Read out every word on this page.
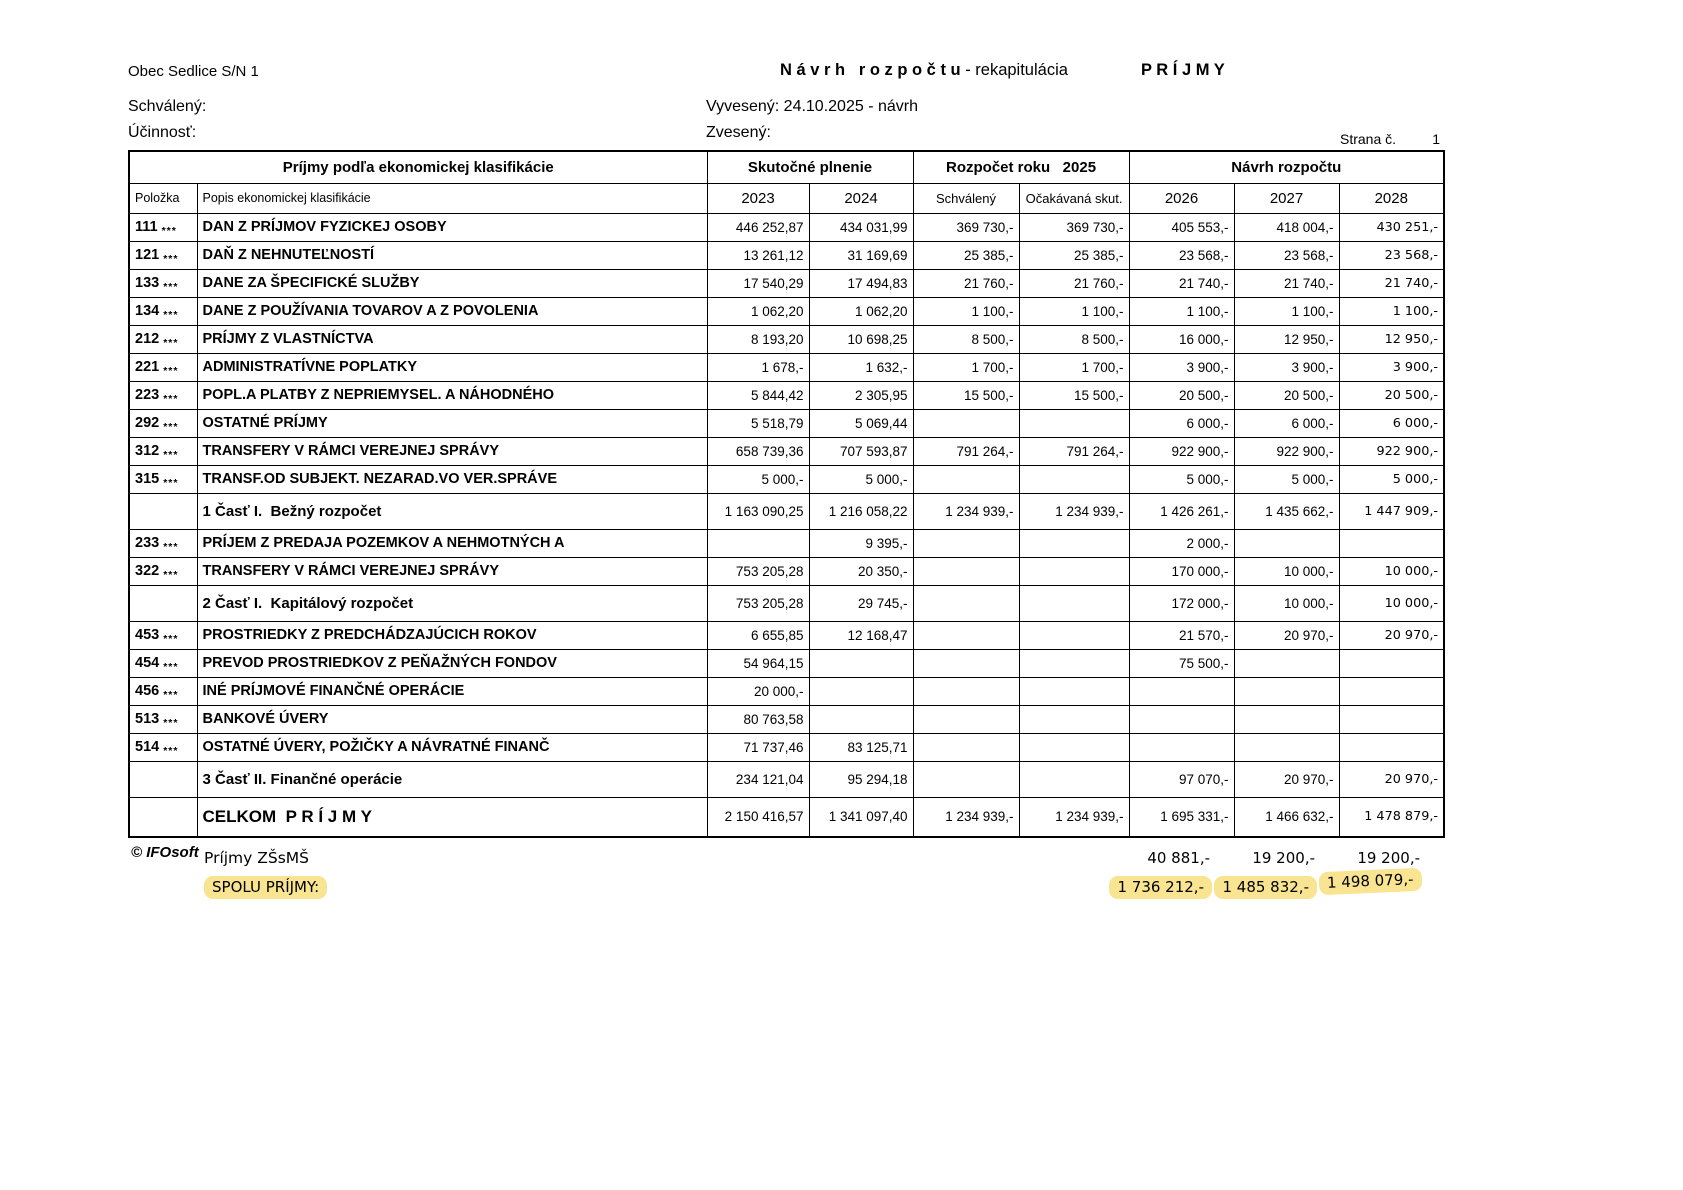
Obec Sedlice S/N 1	N á v r h   r o z p o č t u - rekapitulácia	P R Í J M Y
Schválený:	Vyvesený: 24.10.2025 - návrh
Účinnosť:	Zvesený:	Strana č.	1
Príjmy podľa ekonomickej klasifikácie		Skutočné plnenie		Rozpočet roku   2025		Návrh rozpočtu		
Položka	Popis ekonomickej klasifikácie	2023	2024	Schválený	Očakávaná skut.	2026	2027	2028
111 ***	DAN Z PRÍJMOV FYZICKEJ OSOBY	446 252,87	434 031,99	369 730,-	369 730,-	405 553,-	418 004,-	430 251,-
121 ***	DAŇ Z NEHNUTEĽNOSTÍ	13 261,12	31 169,69	25 385,-	25 385,-	23 568,-	23 568,-	23 568,-
133 ***	DANE ZA ŠPECIFICKÉ SLUŽBY	17 540,29	17 494,83	21 760,-	21 760,-	21 740,-	21 740,-	21 740,-
134 ***	DANE Z POUŽÍVANIA TOVAROV A Z POVOLENIA	1 062,20	1 062,20	1 100,-	1 100,-	1 100,-	1 100,-	1 100,-
212 ***	PRÍJMY Z VLASTNÍCTVA	8 193,20	10 698,25	8 500,-	8 500,-	16 000,-	12 950,-	12 950,-
221 ***	ADMINISTRATÍVNE POPLATKY	1 678,-	1 632,-	1 700,-	1 700,-	3 900,-	3 900,-	3 900,-
223 ***	POPL.A PLATBY Z NEPRIEMYSEL. A NÁHODNÉHO	5 844,42	2 305,95	15 500,-	15 500,-	20 500,-	20 500,-	20 500,-
292 ***	OSTATNÉ PRÍJMY	5 518,79	5 069,44			6 000,-	6 000,-	6 000,-
312 ***	TRANSFERY V RÁMCI VEREJNEJ SPRÁVY	658 739,36	707 593,87	791 264,-	791 264,-	922 900,-	922 900,-	922 900,-
315 ***	TRANSF.OD SUBJEKT. NEZARAD.VO VER.SPRÁVE	5 000,-	5 000,-			5 000,-	5 000,-	5 000,-
	1 Časť I.  Bežný rozpočet	1 163 090,25	1 216 058,22	1 234 939,-	1 234 939,-	1 426 261,-	1 435 662,-	1 447 909,-
233 ***	PRÍJEM Z PREDAJA POZEMKOV A NEHMOTNÝCH A		9 395,-			2 000,-		
322 ***	TRANSFERY V RÁMCI VEREJNEJ SPRÁVY	753 205,28	20 350,-			170 000,-	10 000,-	10 000,-
	2 Časť I.  Kapitálový rozpočet	753 205,28	29 745,-			172 000,-	10 000,-	10 000,-
453 ***	PROSTRIEDKY Z PREDCHÁDZAJÚCICH ROKOV	6 655,85	12 168,47			21 570,-	20 970,-	20 970,-
454 ***	PREVOD PROSTRIEDKOV Z PEŇAŽNÝCH FONDOV	54 964,15				75 500,-		
456 ***	INÉ PRÍJMOVÉ FINANČNÉ OPERÁCIE	20 000,-						
513 ***	BANKOVÉ ÚVERY	80 763,58						
514 ***	OSTATNÉ ÚVERY, POŽIČKY A NÁVRATNÉ FINANČ	71 737,46	83 125,71					
	3 Časť II. Finančné operácie	234 121,04	95 294,18			97 070,-	20 970,-	20 970,-
	CELKOM  P R Í J M Y	2 150 416,57	1 341 097,40	1 234 939,-	1 234 939,-	1 695 331,-	1 466 632,-	1 478 879,-
© IFOsoft Príjmy ZŠsMŠ	40 881,-	19 200,-	19 200,-
SPOLU PRÍJMY:	1 736 212,-	1 485 832,-	1 498 079,-
